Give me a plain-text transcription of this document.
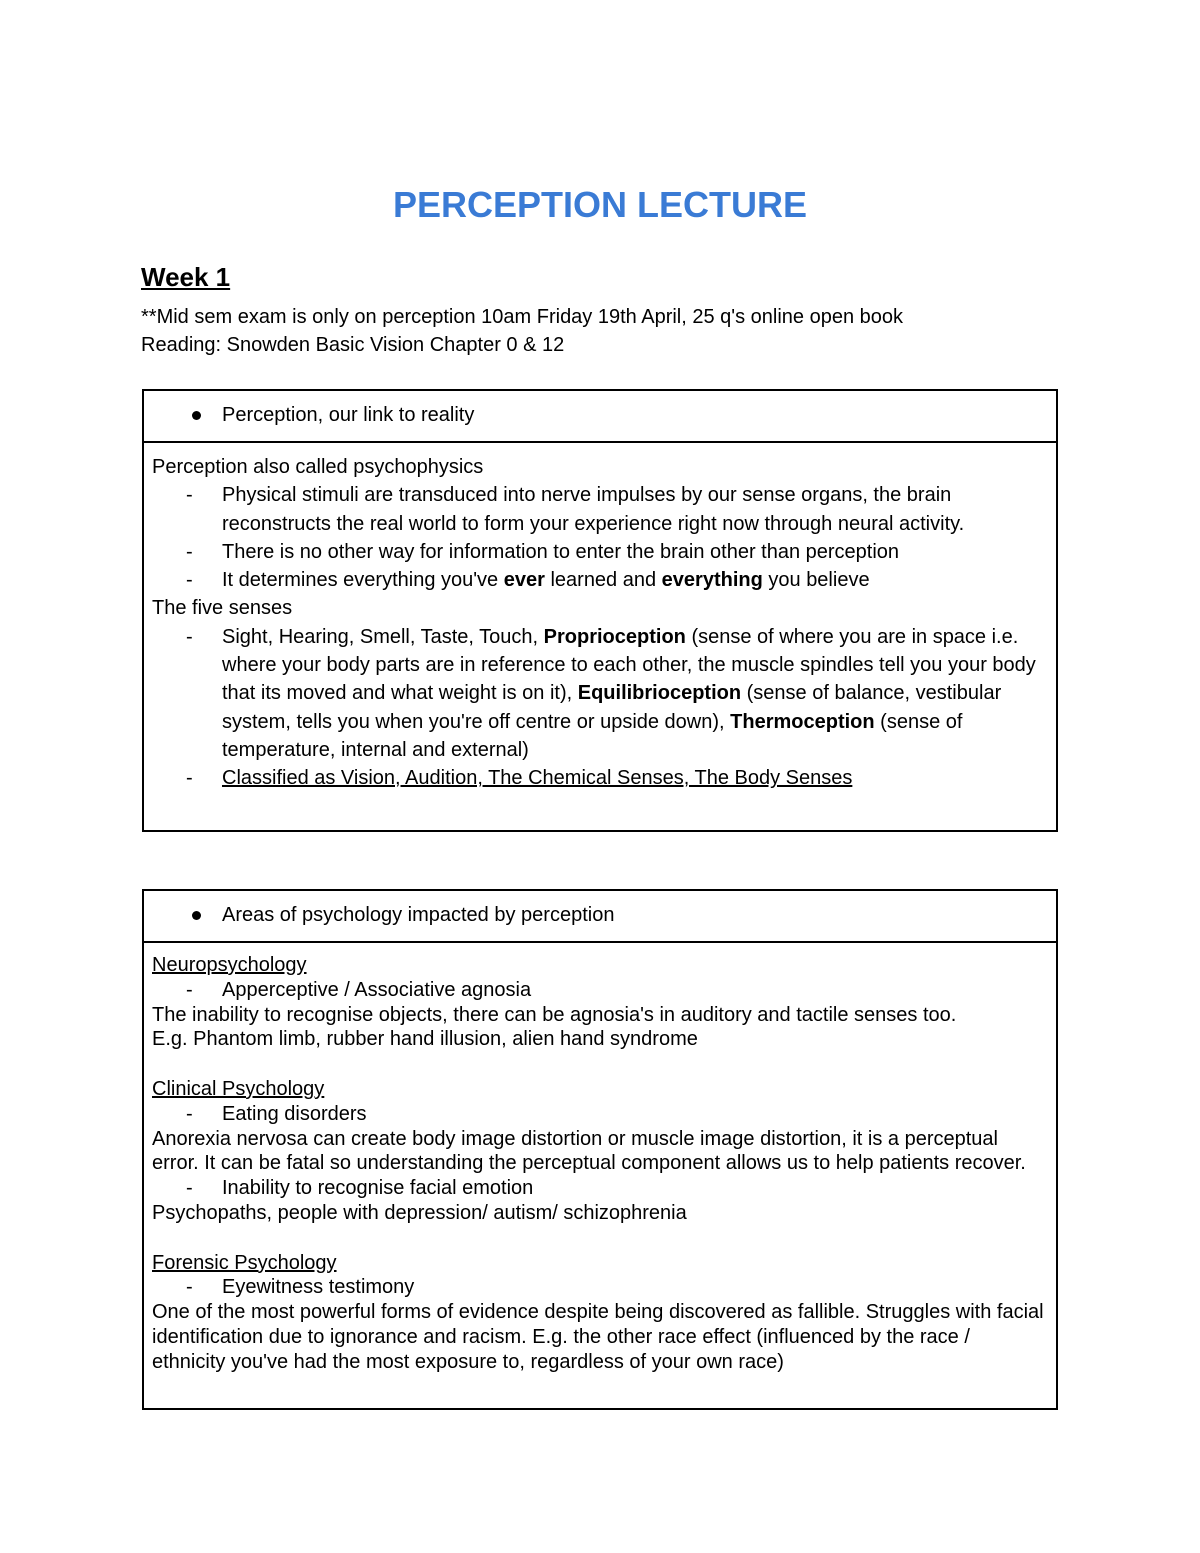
PERCEPTION LECTURE
Week 1
**Mid sem exam is only on perception 10am Friday 19th April, 25 q's online open book
Reading: Snowden Basic Vision Chapter 0 & 12
Perception, our link to reality
Perception also called psychophysics
-	Physical stimuli are transduced into nerve impulses by our sense organs, the brain reconstructs the real world to form your experience right now through neural activity.
-	There is no other way for information to enter the brain other than perception
-	It determines everything you've ever learned and everything you believe
The five senses
-	Sight, Hearing, Smell, Taste, Touch, Proprioception (sense of where you are in space i.e. where your body parts are in reference to each other, the muscle spindles tell you your body that its moved and what weight is on it), Equilibrioception (sense of balance, vestibular system, tells you when you're off centre or upside down), Thermoception (sense of temperature, internal and external)
-	Classified as Vision, Audition, The Chemical Senses, The Body Senses
Areas of psychology impacted by perception
Neuropsychology
-	Apperceptive / Associative agnosia
The inability to recognise objects, there can be agnosia's in auditory and tactile senses too.
E.g. Phantom limb, rubber hand illusion, alien hand syndrome
Clinical Psychology
-	Eating disorders
Anorexia nervosa can create body image distortion or muscle image distortion, it is a perceptual error. It can be fatal so understanding the perceptual component allows us to help patients recover.
-	Inability to recognise facial emotion
Psychopaths, people with depression/ autism/ schizophrenia
Forensic Psychology
-	Eyewitness testimony
One of the most powerful forms of evidence despite being discovered as fallible. Struggles with facial identification due to ignorance and racism. E.g. the other race effect (influenced by the race / ethnicity you've had the most exposure to, regardless of your own race)
